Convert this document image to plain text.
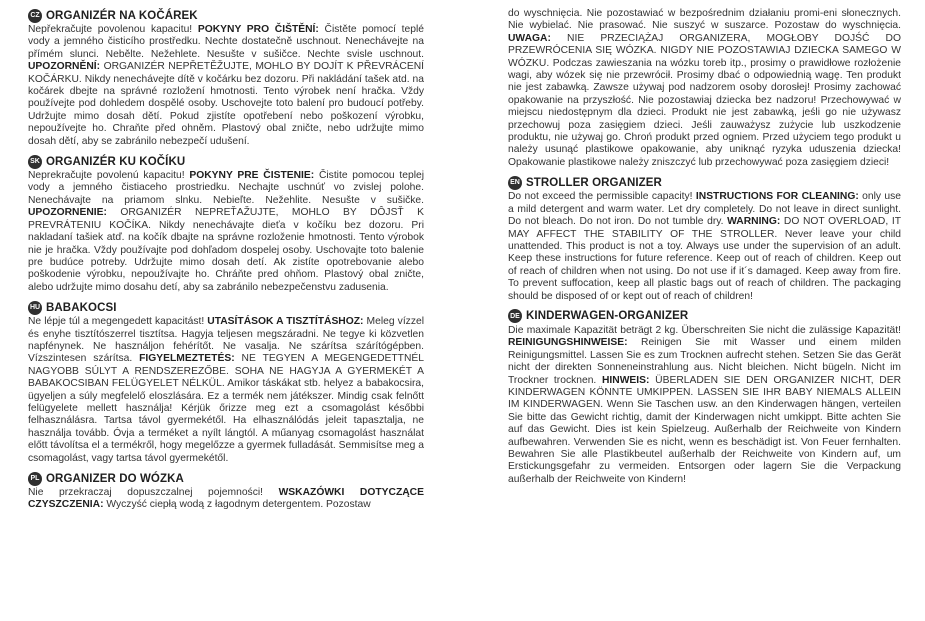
CZ ORGANIZÉR NA KOČÁREK
Nepřekračujte povolenou kapacitu! POKYNY PRO ČIŠTĚNÍ: Čistěte pomocí teplé vody a jemného čisticího prostředku. Nechte dostatečně uschnout. Nenechávejte na přímém slunci. Nebělte. Nežehlete. Nesušte v sušičce. Nechte svisle uschnout. UPOZORNĚNÍ: ORGANIZÉR NEPŘETĚŽUJTE, MOHLO BY DOJÍT K PŘEVRÁCENÍ KOČÁRKU. Nikdy nenechávejte dítě v kočárku bez dozoru. Při nakládání tašek atd. na kočárek dbejte na správné rozložení hmotnosti. Tento výrobek není hračka. Vždy používejte pod dohledem dospělé osoby. Uschovejte toto balení pro budoucí potřeby. Udržujte mimo dosah dětí. Pokud zjistíte opotřebení nebo poškození výrobku, nepoužívejte ho. Chraňte před ohněm. Plastový obal zničte, nebo udržujte mimo dosah dětí, aby se zabránilo nebezpečí udušení.
SK ORGANIZÉR KU KOČÍKU
Neprekračujte povolenú kapacitu! POKYNY PRE ČISTENIE: Čistite pomocou teplej vody a jemného čistiaceho prostriedku. Nechajte uschnúť vo zvislej polohe. Nenechávajte na priamom slnku. Nebieľte. Nežehlite. Nesušte v sušičke. UPOZORNENIE: ORGANIZÉR NEPREŤAŽUJTE, MOHLO BY DÔJSŤ K PREVRÁTENIU KOČÍKA. Nikdy nenechávajte dieťa v kočíku bez dozoru. Pri nakladaní tašiek atď. na kočík dbajte na správne rozloženie hmotnosti. Tento výrobok nie je hračka. Vždy používajte pod dohľadom dospelej osoby. Uschovajte toto balenie pre budúce potreby. Udržujte mimo dosah detí. Ak zistíte opotrebovanie alebo poškodenie výrobku, nepoužívajte ho. Chráňte pred ohňom. Plastový obal zničte, alebo udržujte mimo dosahu detí, aby sa zabránilo nebezpečenstvu zadusenia.
HU BABAKOCSI
Ne lépje túl a megengedett kapacitást! UTASÍTÁSOK A TISZTÍTÁSHOZ: Meleg vízzel és enyhe tisztítószerrel tisztítsa. Hagyja teljesen megszáradni. Ne tegye ki közvetlen napfénynek. Ne használjon fehérítőt. Ne vasalja. Ne szárítsa szárítógépben. Vízszintesen szárítsa. FIGYELMEZTETÉS: NE TEGYEN A MEGENGEDETTNÉL NAGYOBB SÚLYT A RENDSZEREZŐBE. SOHA NE HAGYJA A GYERMEKÉT A BABAKOCSIBAN FELÜGYELET NÉLKÜL. Amikor táskákat stb. helyez a babakocsira, ügyeljen a súly megfelelő eloszlására. Ez a termék nem játékszer. Mindig csak felnőtt felügyelete mellett használja! Kérjük őrizze meg ezt a csomagolást későbbi felhasználásra. Tartsa távol gyermekétől. Ha elhasználódás jeleit tapasztalja, ne használja tovább. Óvja a terméket a nyílt lángtól. A műanyag csomagolást használat előtt távolítsa el a termékről, hogy megelőzze a gyermek fulladását. Semmisítse meg a csomagolást, vagy tartsa távol gyermekétől.
PL ORGANIZER DO WÓZKA
Nie przekraczaj dopuszczalnej pojemności! WSKAZÓWKI DOTYCZĄCE CZYSZCZENIA: Wyczyść ciepłą wodą z łagodnym detergentem. Pozostaw
do wyschnięcia. Nie pozostawiać w bezpośrednim działaniu promi-eni słonecznych. Nie wybielać. Nie prasować. Nie suszyć w suszarce. Pozostaw do wyschnięcia. UWAGA: NIE PRZECIĄŻAJ ORGANIZERA, MOGŁOBY DOJŚĆ DO PRZEWRÓCENIA SIĘ WÓZKA. NIGDY NIE POZOSTAWIAJ DZIECKA SAMEGO W WÓZKU. Podczas zawieszania na wózku toreb itp., prosimy o prawidłowe rozłożenie wagi, aby wózek się nie przewrócił. Prosimy dbać o odpowiednią wagę. Ten produkt nie jest zabawką. Zawsze używaj pod nadzorem osoby dorosłej! Prosimy zachować opakowanie na przyszłość. Nie pozostawiaj dziecka bez nadzoru! Przechowywać w miejscu niedostępnym dla dzieci. Produkt nie jest zabawką, jeśli go nie używasz przechowuj poza zasięgiem dzieci. Jeśli zauważysz zużycie lub uszkodzenie produktu, nie używaj go. Chroń produkt przed ogniem. Przed użyciem tego produkt u należy usunąć plastikowe opakowanie, aby uniknąć ryzyka uduszenia dziecka! Opakowanie plastikowe należy zniszczyć lub przechowywać poza zasięgiem dzieci!
EN STROLLER ORGANIZER
Do not exceed the permissible capacity! INSTRUCTIONS FOR CLEANING: only use a mild detergent and warm water. Let dry completely. Do not leave in direct sunlight. Do not bleach. Do not iron. Do not tumble dry. WARNING: DO NOT OVERLOAD, IT MAY AFFECT THE STABILITY OF THE STROLLER. Never leave your child unattended. This product is not a toy. Always use under the supervision of an adult. Keep these instructions for future reference. Keep out of reach of children. Keep out of reach of children when not using. Do not use if it´s damaged. Keep away from fire. To prevent suffocation, keep all plastic bags out of reach of children. The packaging should be disposed of or kept out of reach of children!
DE KINDERWAGEN-ORGANIZER
Die maximale Kapazität beträgt 2 kg. Überschreiten Sie nicht die zulässige Kapazität! REINIGUNGSHINWEISE: Reinigen Sie mit Wasser und einem milden Reinigungsmittel. Lassen Sie es zum Trocknen aufrecht stehen. Setzen Sie das Gerät nicht der direkten Sonneneinstrahlung aus. Nicht bleichen. Nicht bügeln. Nicht im Trockner trocknen. HINWEIS: ÜBERLADEN SIE DEN ORGANIZER NICHT, DER KINDERWAGEN KÖNNTE UMKIPPEN. LASSEN SIE IHR BABY NIEMALS ALLEIN IM KINDERWAGEN. Wenn Sie Taschen usw. an den Kinderwagen hängen, verteilen Sie bitte das Gewicht richtig, damit der Kinderwagen nicht umkippt. Bitte achten Sie auf das Gewicht. Dies ist kein Spielzeug. Außerhalb der Reichweite von Kindern aufbewahren. Verwenden Sie es nicht, wenn es beschädigt ist. Von Feuer fernhalten. Bewahren Sie alle Plastikbeutel außerhalb der Reichweite von Kindern auf, um Erstickungsgefahr zu vermeiden. Entsorgen oder lagern Sie die Verpackung außerhalb der Reichweite von Kindern!
